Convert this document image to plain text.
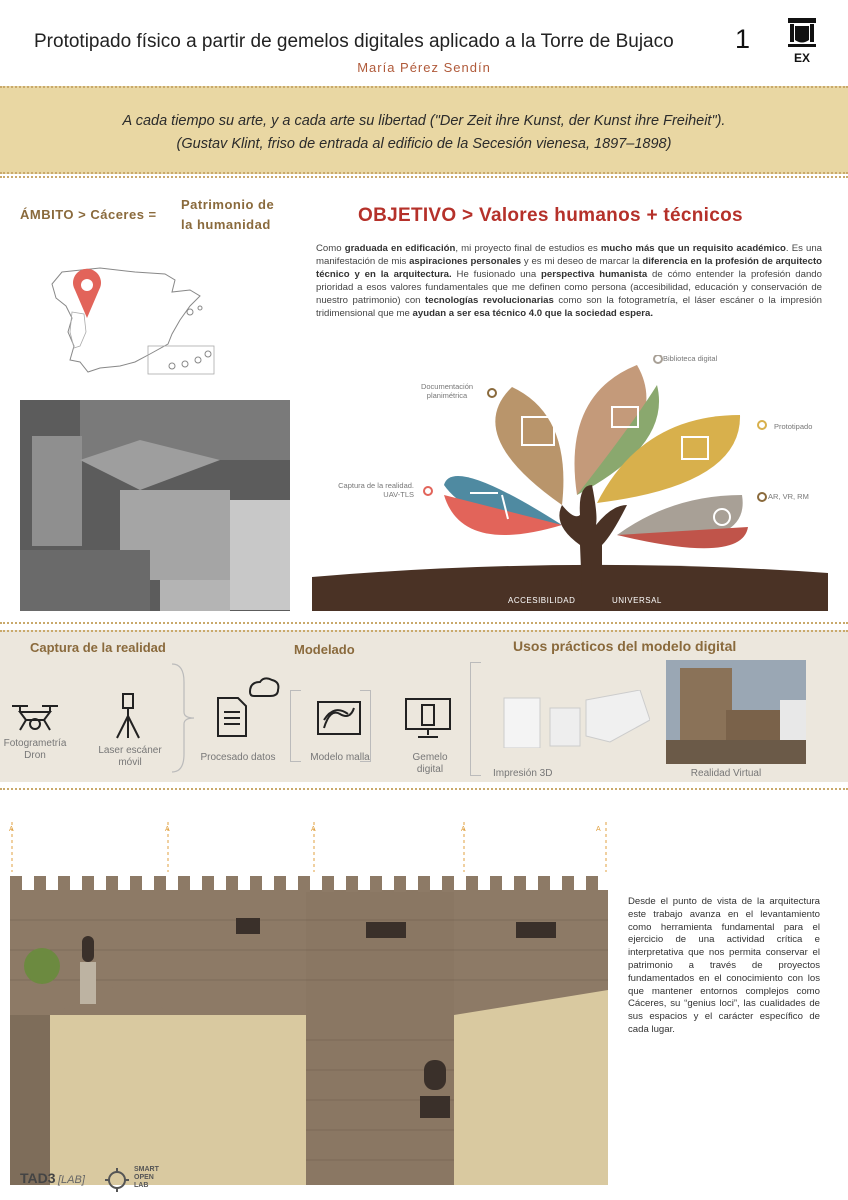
Prototipado físico a partir de gemelos digitales aplicado a la Torre de Bujaco
María Pérez Sendín
1
EX

A cada tiempo su arte, y a cada arte su libertad ("Der Zeit ihre Kunst, der Kunst ihre Freiheit").

(Gustav Klint, friso de entrada al edificio de la Secesión vienesa, 1897–1898)

ÁMBITO > Cáceres =
Patrimonio de
la humanidad	OBJETIVO > Valores humanos + técnicos
Como graduada en edificación, mi proyecto final de estudios es mucho más que un requisito académico. Es una manifestación de mis aspiraciones personales y es mi deseo de marcar la diferencia en la profesión de arquitecto técnico y en la arquitectura. He fusionado una perspectiva humanista de cómo entender la profesión dando prioridad a esos valores fundamentales que me definen como persona (accesibilidad, educación y conservación de nuestro patrimonio) con tecnologías revolucionarias como son la fotogrametría, el láser escáner o la impresión tridimensional que me ayudan a ser esa técnico 4.0 que la sociedad espera.
Biblioteca digital
Documentación planimétrica
Prototipado
Captura de la realidad. UAV-TLS	AR, VR, RM
ACCESIBILIDAD	UNIVERSAL
Captura de la realidad	Modelado	Usos prácticos del modelo digital
Fotogrametría Dron	Laser escáner móvil	Procesado datos	Modelo malla	Gemelo digital	Impresión 3D	Realidad Virtual
A	A	A	A	A
Desde el punto de vista de la arquitectura este trabajo avanza en el levantamiento como herramienta fundamental para el ejercicio de una actividad crítica e interpretativa que nos permita conservar el patrimonio a través de proyectos fundamentados en el conocimiento con los que mantener entornos complejos como Cáceres, su “genius loci”, las cualidades de sus espacios y el carácter específico de cada lugar.
TAD3 [LAB]
SMART
OPEN
LAB
